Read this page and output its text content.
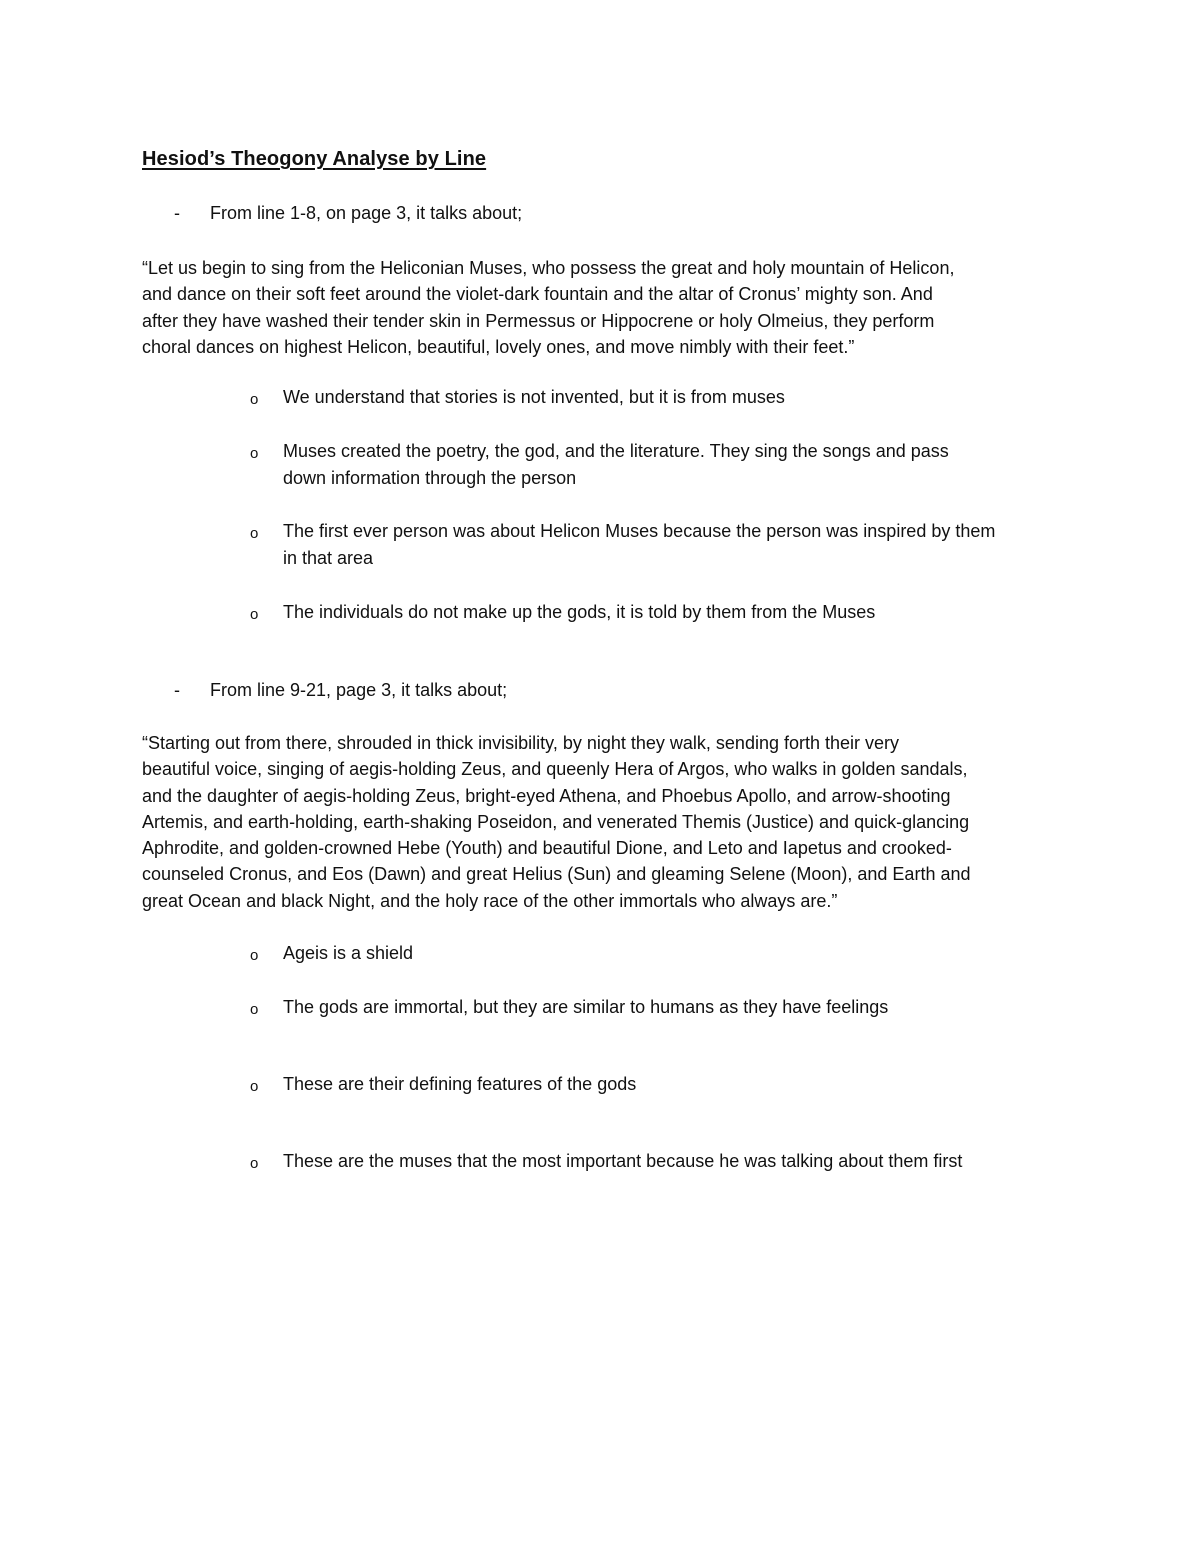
Hesiod’s Theogony Analyse by Line
- From line 1-8, on page 3, it talks about;
“Let us begin to sing from the Heliconian Muses, who possess the great and holy mountain of Helicon,
and dance on their soft feet around the violet-dark fountain and the altar of Cronus’ mighty son. And
after they have washed their tender skin in Permessus or Hippocrene or holy Olmeius, they perform
choral dances on highest Helicon, beautiful, lovely ones, and move nimbly with their feet.”
o	We understand that stories is not invented, but it is from muses
o	Muses created the poetry, the god, and the literature. They sing the songs and pass
down information through the person
o	The first ever person was about Helicon Muses because the person was inspired by them
in that area
o	The individuals do not make up the gods, it is told by them from the Muses
- From line 9-21, page 3, it talks about;
“Starting out from there, shrouded in thick invisibility, by night they walk, sending forth their very
beautiful voice, singing of aegis-holding Zeus, and queenly Hera of Argos, who walks in golden sandals,
and the daughter of aegis-holding Zeus, bright-eyed Athena, and Phoebus Apollo, and arrow-shooting
Artemis, and earth-holding, earth-shaking Poseidon, and venerated Themis (Justice) and quick-glancing
Aphrodite, and golden-crowned Hebe (Youth) and beautiful Dione, and Leto and Iapetus and crooked-
counseled Cronus, and Eos (Dawn) and great Helius (Sun) and gleaming Selene (Moon), and Earth and
great Ocean and black Night, and the holy race of the other immortals who always are.”
o	Ageis is a shield
o	The gods are immortal, but they are similar to humans as they have feelings
o	These are their defining features of the gods
o	These are the muses that the most important because he was talking about them first
